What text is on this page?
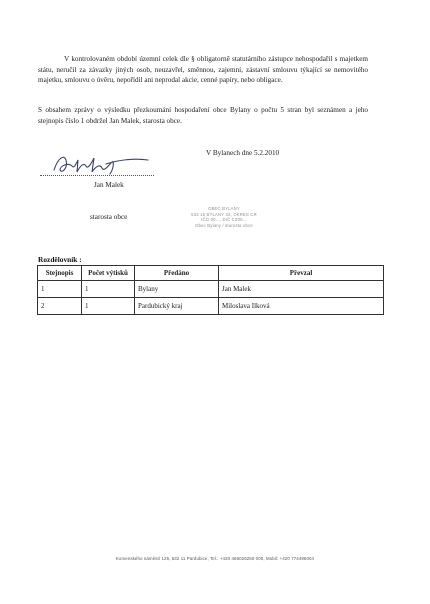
V kontrolovaném období územní celek dle § obligatorně statutárního zástupce nehospodařil s majetkem státu, neručil za závazky jiných osob, neuzavřel, směnnou, zajemní, zástavní smlouvu týkající se nemovitého majetku, smlouvu o úvěru, nepořídil ani neprodal akcie, cenné papíry, nebo obligace.

S obsahem zprávy o výsledku přezkoumání hospodaření obce Bylany o počtu 5 stran byl seznámen a jeho stejnopis číslo 1 obdržel Jan Malek, starosta obce.

V Bylanech dne 5.2.2010
Jan Malek
starosta obce
OBEC BYLANY
533 16 BYLANY 32, OKRES CR
IČO 00..., DIČ CZ00...
Obec Bylany / starosta obce
Rozdělovník :
Stejnopis	Počet výtisků	Předáno	Převzal
1	1	Bylany	Jan Malek
2	1	Pardubický kraj	Miloslava Ilková
Komenského náměstí 125, 532 11 Pardubice, Tel.: +420 466026250 000, Mobil: +420 774496004
